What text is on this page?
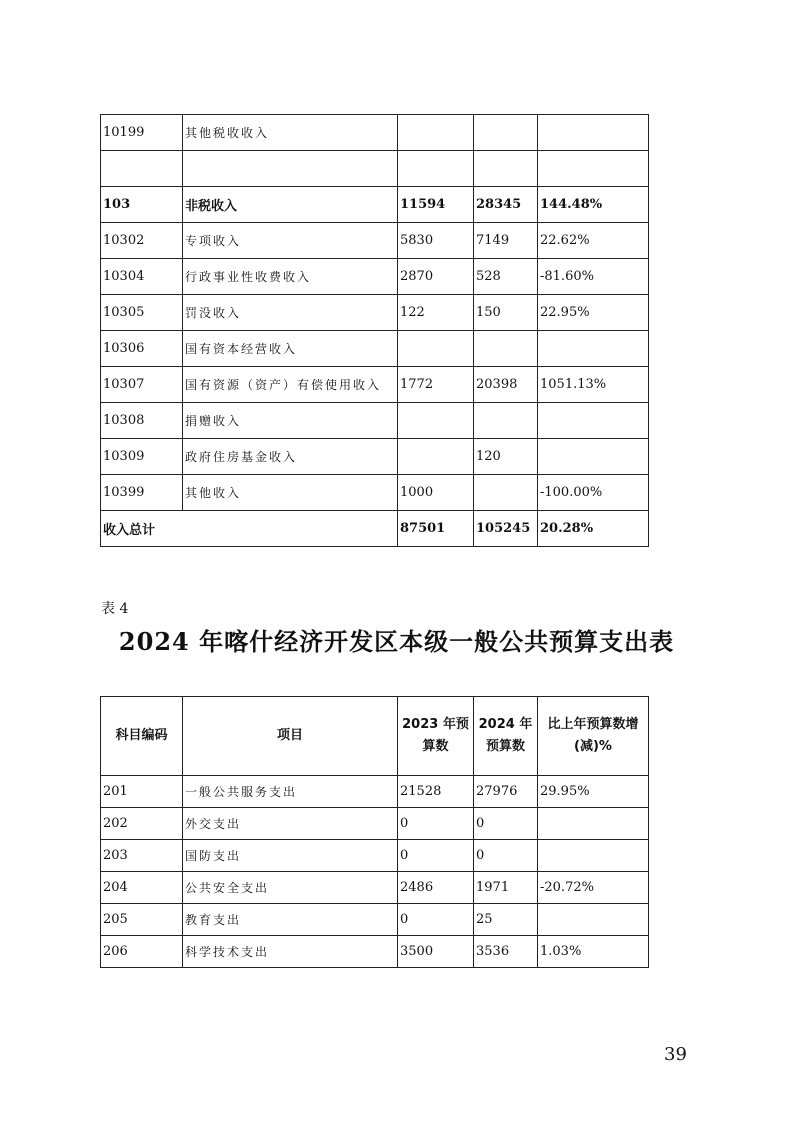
10199	其他税收收入			

103	非税收入	11594	28345	144.48%
10302	专项收入	5830	7149	22.62%
10304	行政事业性收费收入	2870	528	-81.60%
10305	罚没收入	122	150	22.95%
10306	国有资本经营收入			
10307	国有资源（资产）有偿使用收入	1772	20398	1051.13%
10308	捐赠收入			
10309	政府住房基金收入		120	
10399	其他收入	1000		-100.00%
收入总计		87501	105245	20.28%
表 4
2024 年喀什经济开发区本级一般公共预算支出表
科目编码	项目	2023 年预算数	2024 年预算数	比上年预算数增(减)%
201	一般公共服务支出	21528	27976	29.95%
202	外交支出	0	0	
203	国防支出	0	0	
204	公共安全支出	2486	1971	-20.72%
205	教育支出	0	25	
206	科学技术支出	3500	3536	1.03%
39
